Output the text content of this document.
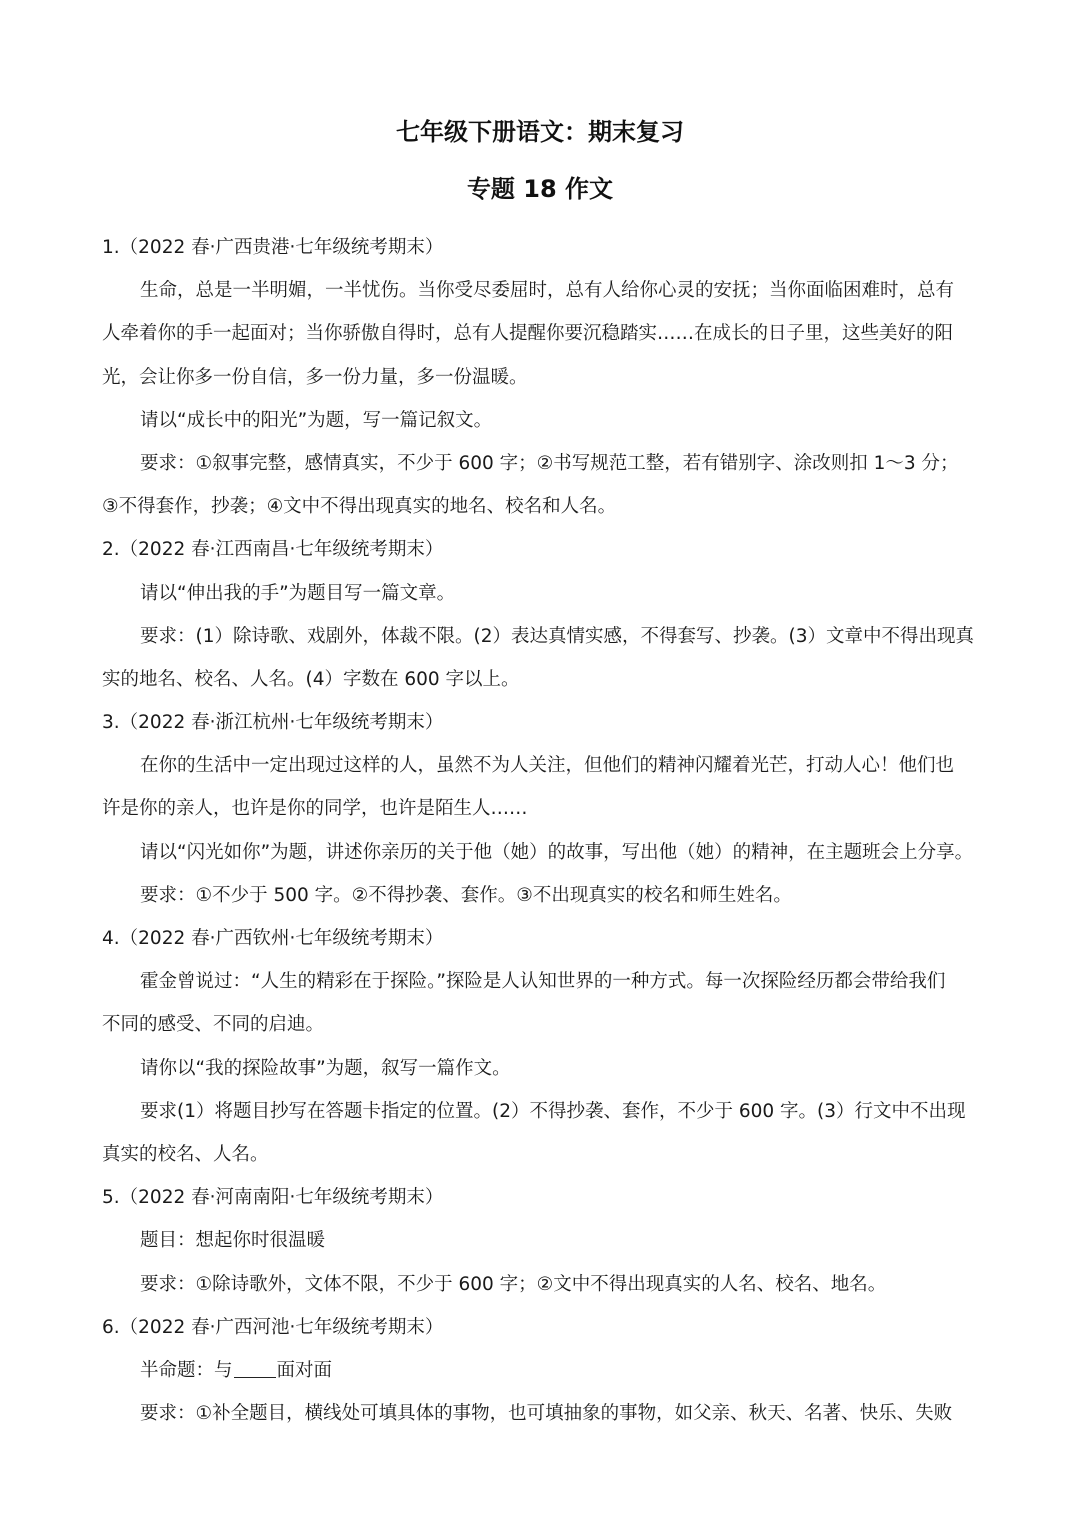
七年级下册语文：期末复习
专题 18 作文
1.（2022 春·广西贵港·七年级统考期末）
生命，总是一半明媚，一半忧伤。当你受尽委屈时，总有人给你心灵的安抚；当你面临困难时，总有
人牵着你的手一起面对；当你骄傲自得时，总有人提醒你要沉稳踏实……在成长的日子里，这些美好的阳
光，会让你多一份自信，多一份力量，多一份温暖。
请以“成长中的阳光”为题，写一篇记叙文。
要求：①叙事完整，感情真实，不少于 600 字；②书写规范工整，若有错别字、涂改则扣 1～3 分；
③不得套作，抄袭；④文中不得出现真实的地名、校名和人名。
2.（2022 春·江西南昌·七年级统考期末）
请以“伸出我的手”为题目写一篇文章。
要求：(1）除诗歌、戏剧外，体裁不限。(2）表达真情实感，不得套写、抄袭。(3）文章中不得出现真
实的地名、校名、人名。(4）字数在 600 字以上。
3.（2022 春·浙江杭州·七年级统考期末）
在你的生活中一定出现过这样的人，虽然不为人关注，但他们的精神闪耀着光芒，打动人心！他们也
许是你的亲人，也许是你的同学，也许是陌生人……
请以“闪光如你”为题，讲述你亲历的关于他（她）的故事，写出他（她）的精神，在主题班会上分享。
要求：①不少于 500 字。②不得抄袭、套作。③不出现真实的校名和师生姓名。
4.（2022 春·广西钦州·七年级统考期末）
霍金曾说过：“人生的精彩在于探险。”探险是人认知世界的一种方式。每一次探险经历都会带给我们
不同的感受、不同的启迪。
请你以“我的探险故事”为题，叙写一篇作文。
要求(1）将题目抄写在答题卡指定的位置。(2）不得抄袭、套作，不少于 600 字。(3）行文中不出现
真实的校名、人名。
5.（2022 春·河南南阳·七年级统考期末）
题目：想起你时很温暖
要求：①除诗歌外，文体不限，不少于 600 字；②文中不得出现真实的人名、校名、地名。
6.（2022 春·广西河池·七年级统考期末）
半命题：与 面对面
要求：①补全题目，横线处可填具体的事物，也可填抽象的事物，如父亲、秋天、名著、快乐、失败
